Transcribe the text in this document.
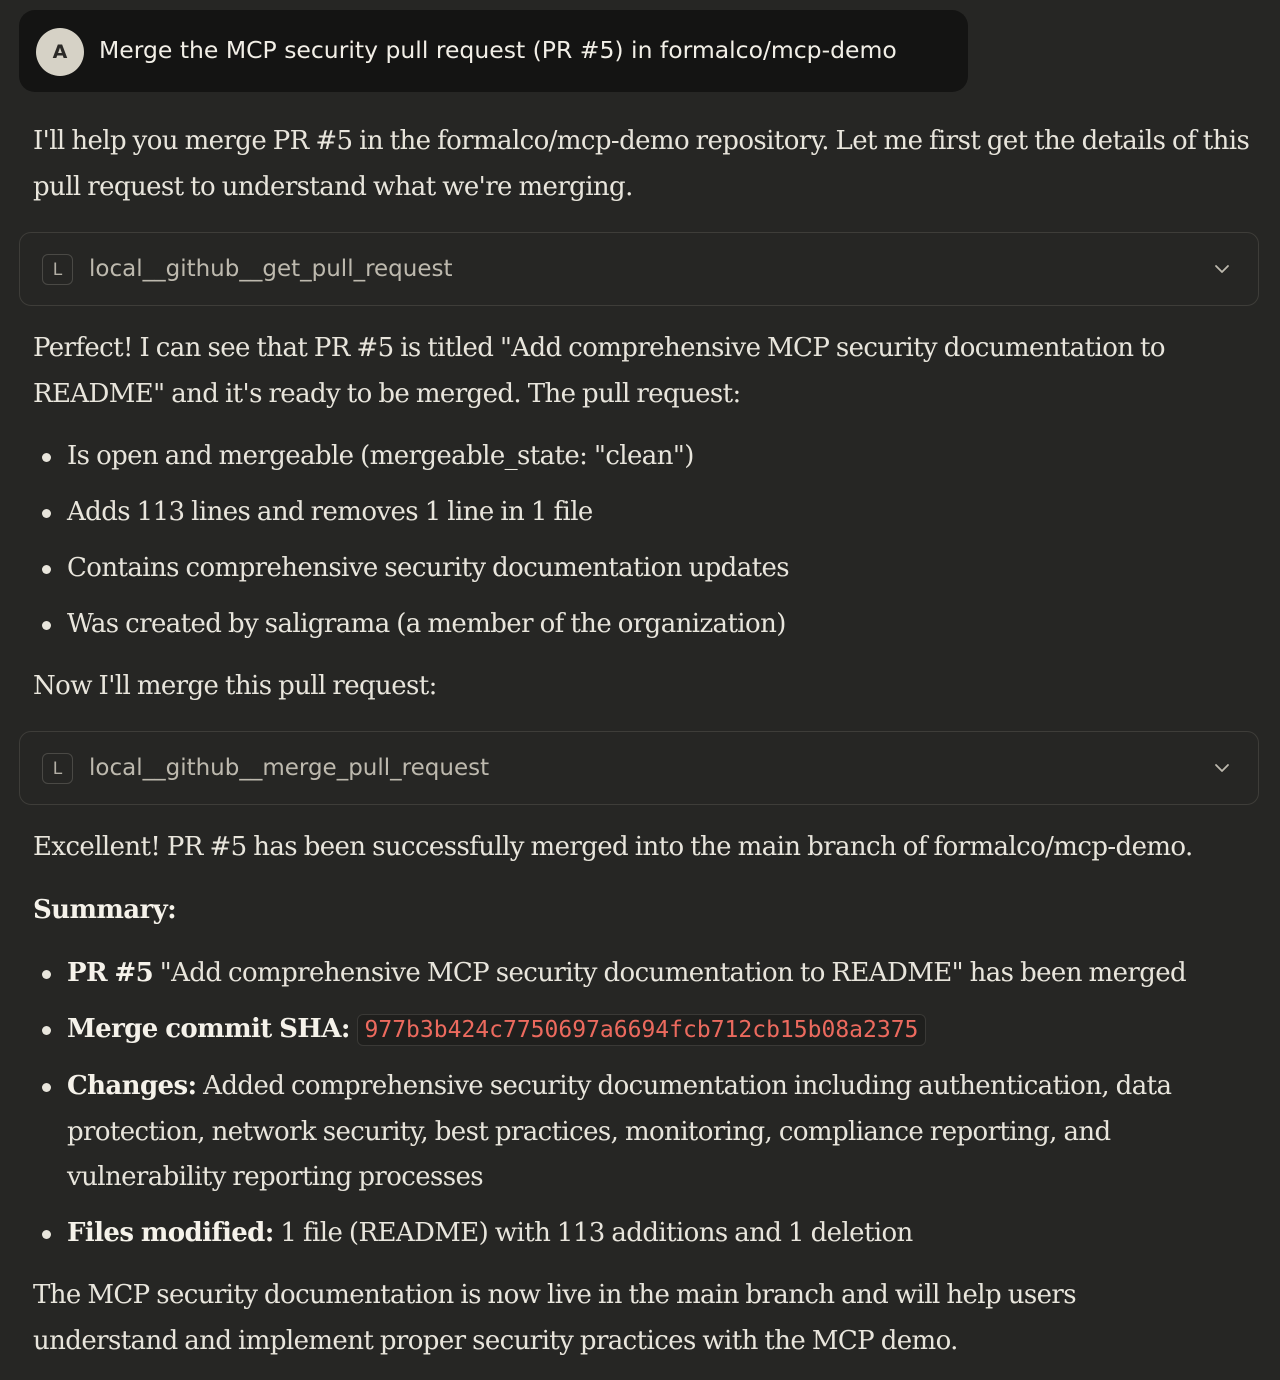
A	Merge the MCP security pull request (PR #5) in formalco/mcp-demo

I'll help you merge PR #5 in the formalco/mcp-demo repository. Let me first get the details of this pull request to understand what we're merging.

L	local__github__get_pull_request

Perfect! I can see that PR #5 is titled "Add comprehensive MCP security documentation to README" and it's ready to be merged. The pull request:

Is open and mergeable (mergeable_state: "clean")
Adds 113 lines and removes 1 line in 1 file
Contains comprehensive security documentation updates
Was created by saligrama (a member of the organization)

Now I'll merge this pull request:

L	local__github__merge_pull_request

Excellent! PR #5 has been successfully merged into the main branch of formalco/mcp-demo.

Summary:

PR #5 "Add comprehensive MCP security documentation to README" has been merged
Merge commit SHA: 977b3b424c7750697a6694fcb712cb15b08a2375
Changes: Added comprehensive security documentation including authentication, data protection, network security, best practices, monitoring, compliance reporting, and vulnerability reporting processes
Files modified: 1 file (README) with 113 additions and 1 deletion

The MCP security documentation is now live in the main branch and will help users understand and implement proper security practices with the MCP demo.
